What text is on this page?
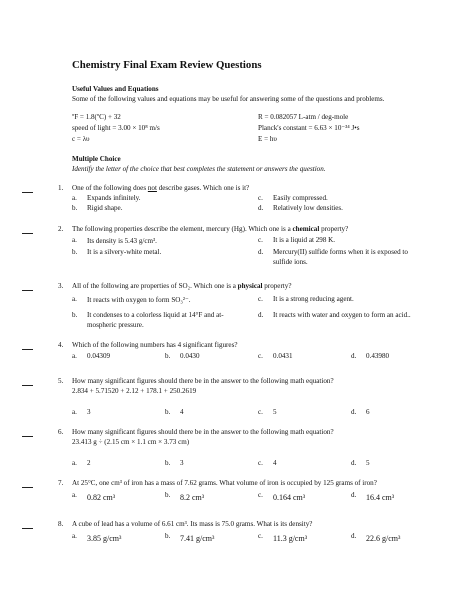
Chemistry Final Exam Review Questions
Useful Values and Equations
Some of the following values and equations may be useful for answering some of the questions and problems.
ºF = 1.8(ºC) + 32	R = 0.082057 L-atm / deg-mole
speed of light = 3.00 × 10⁸ m/s	Planck's constant = 6.63 × 10⁻³⁴ J•s
c = λυ	E = hυ
Multiple Choice
Identify the letter of the choice that best completes the statement or answers the question.
1. One of the following does not describe gases. Which one is it?
a. Expands infinitely.
b. Rigid shape.
c. Easily compressed.
d. Relatively low densities.
2. The following properties describe the element, mercury (Hg). Which one is a chemical property?
a. Its density is 5.43 g/cm³.
b. It is a silvery-white metal.
c. It is a liquid at 298 K.
d. Mercury(II) sulfide forms when it is exposed to
sulfide ions.
3. All of the following are properties of SO₂. Which one is a physical property?
a. It reacts with oxygen to form SO₃²⁻.
b. It condenses to a colorless liquid at 14°F and at-
mospheric pressure.
c. It is a strong reducing agent.
d. It reacts with water and oxygen to form an acid..
4. Which of the following numbers has 4 significant figures?
a. 0.04309	b. 0.0430	c. 0.0431	d. 0.43980
5. How many significant figures should there be in the answer to the following math equation?
2.834 + 5.71520 + 2.12 + 178.1 + 250.2619
a. 3	b. 4	c. 5	d. 6
6. How many significant figures should there be in the answer to the following math equation?
23.413 g ÷ (2.15 cm × 1.1 cm × 3.73 cm)
a. 2	b. 3	c. 4	d. 5
7. At 25°C, one cm³ of iron has a mass of 7.62 grams. What volume of iron is occupied by 125 grams of iron?
a. 0.82 cm³	b. 8.2 cm³	c. 0.164 cm³	d. 16.4 cm³
8. A cube of lead has a volume of 6.61 cm³. Its mass is 75.0 grams. What is its density?
a. 3.85 g/cm³	b. 7.41 g/cm³	c. 11.3 g/cm³	d. 22.6 g/cm³
